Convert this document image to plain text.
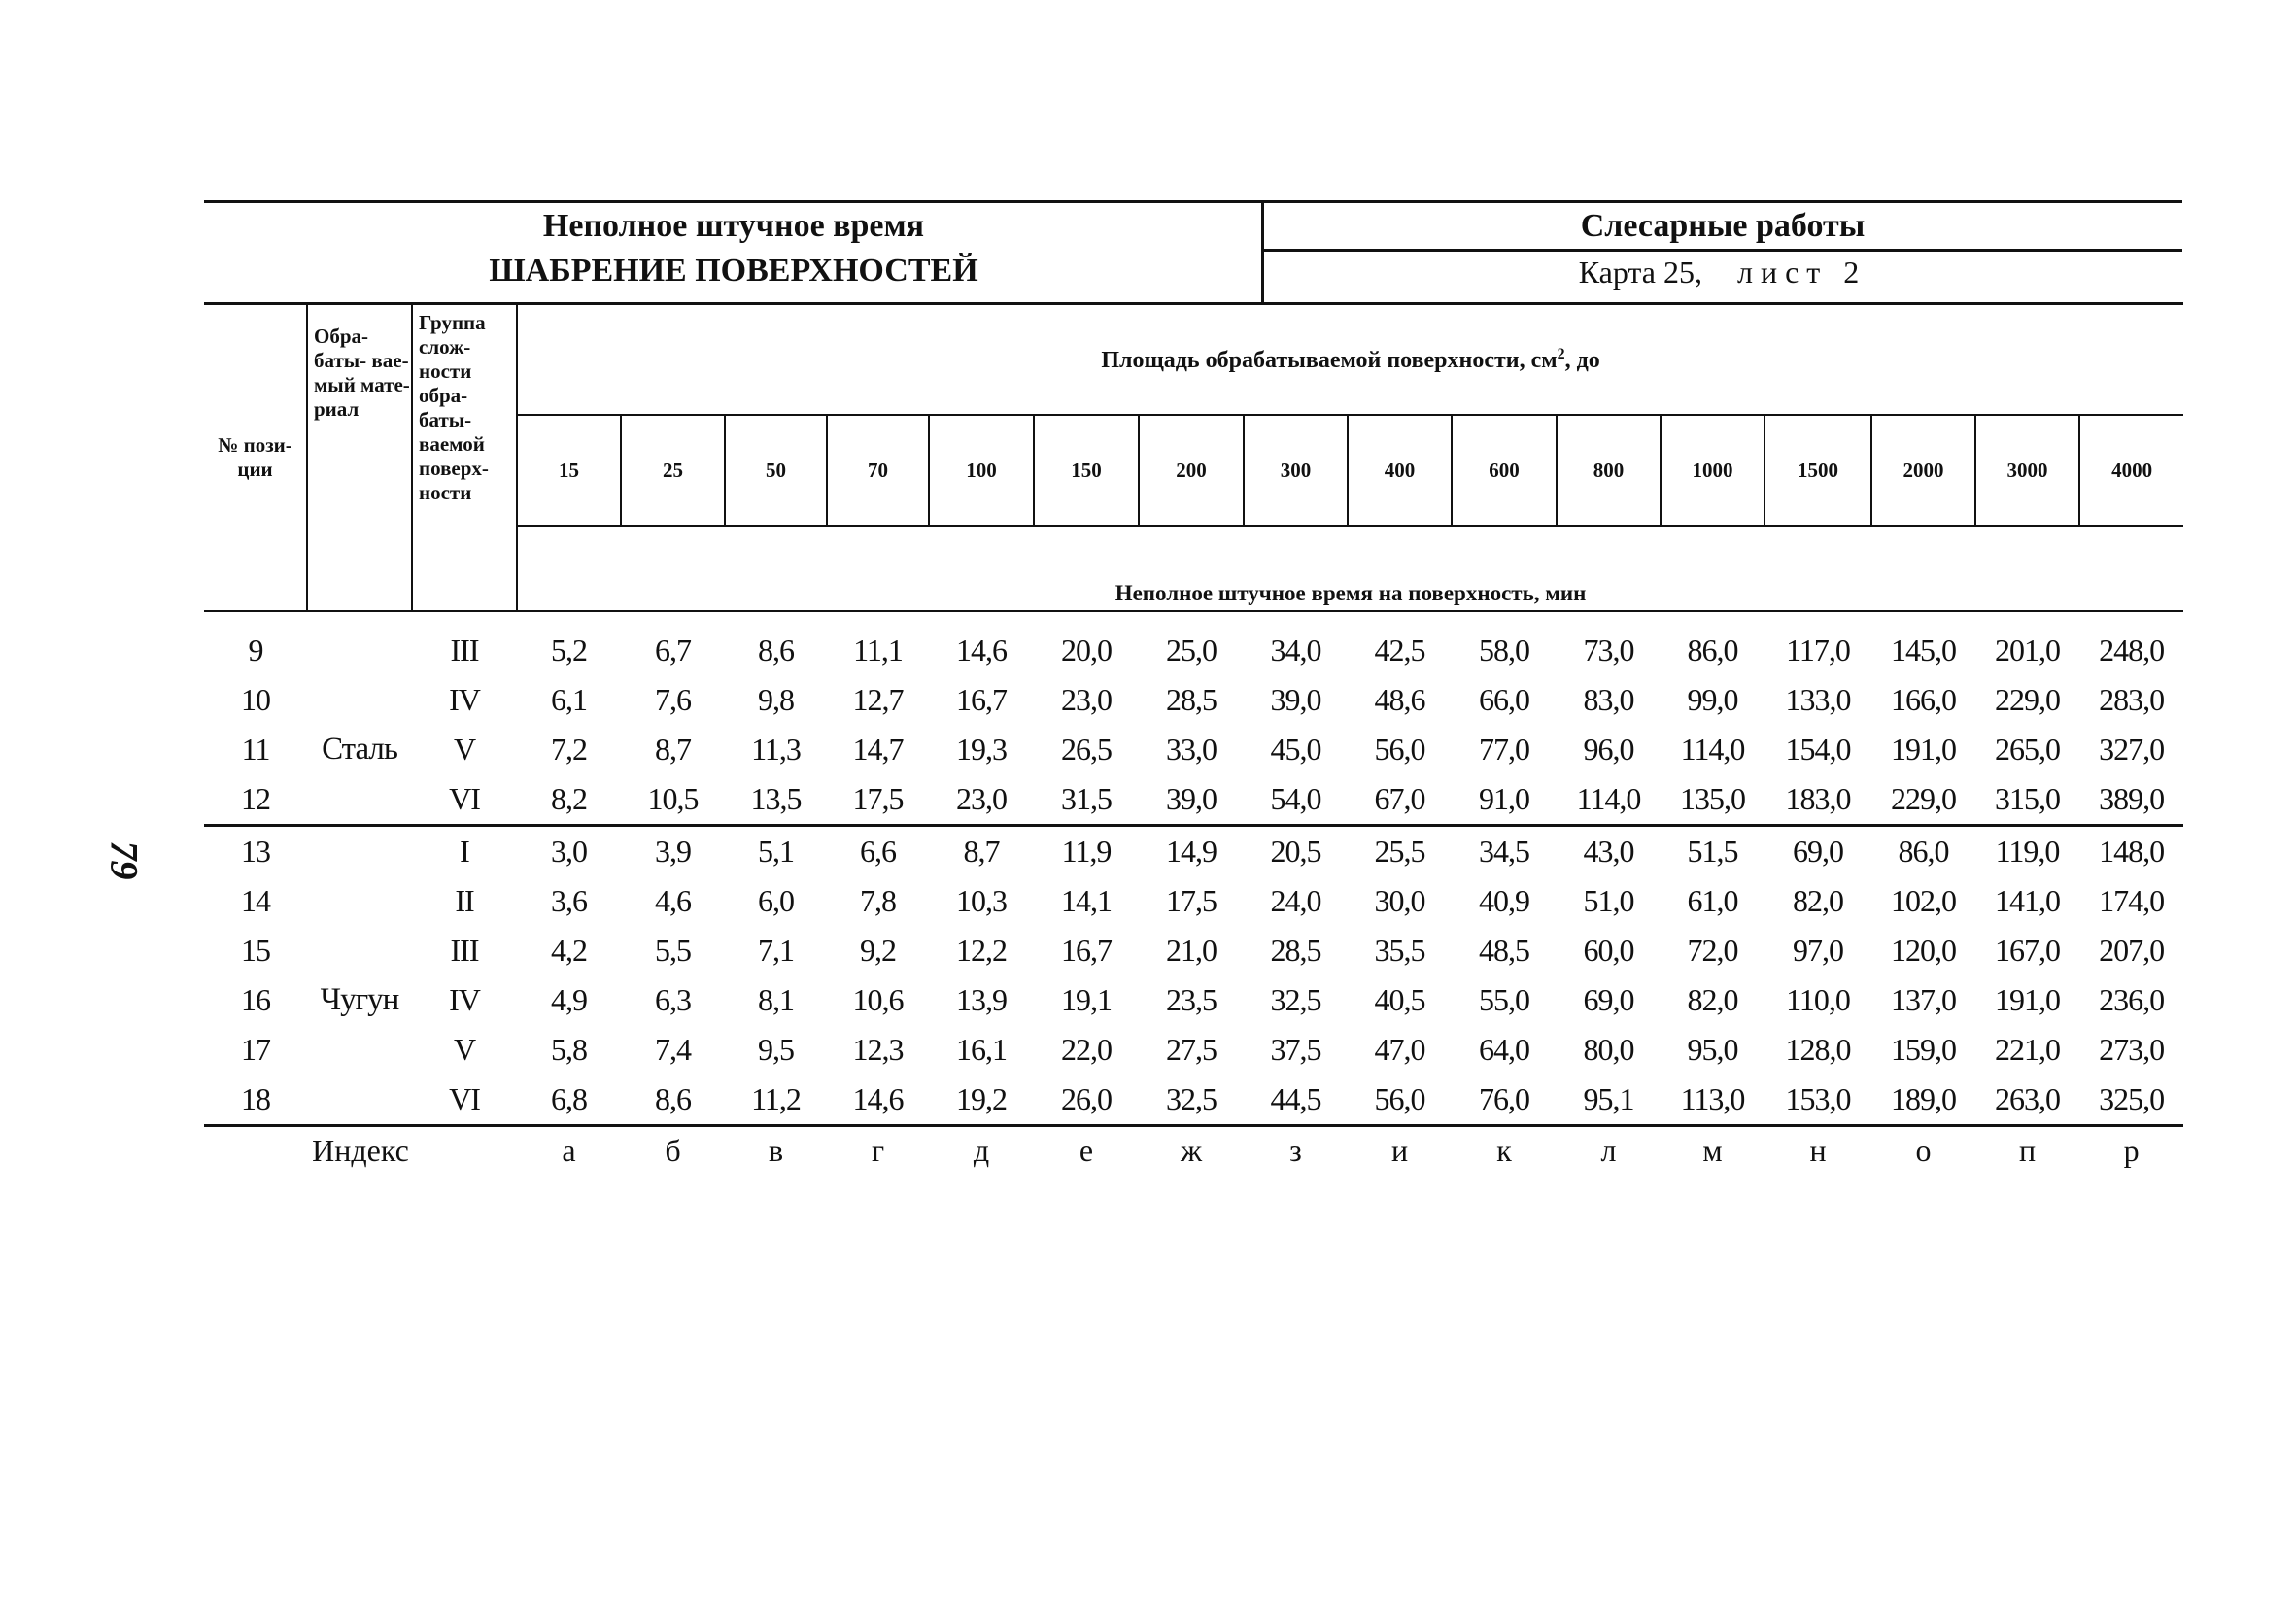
79
Неполное штучное время
ШАБРЕНИЕ ПОВЕРХНОСТЕЙ
Слесарные работы
Карта 25, лист 2
№ пози- ции	Обра- баты- вае- мый мате- риал	Группа слож- ности обра- баты- ваемой поверх- ности	Площадь обрабатываемой поверхности, $см^2$, до															
			15	25	50	70	100	150	200	300	400	600	800	1000	1500	2000	3000	4000
			Неполное штучное время на поверхность, мин															
9		III	5,2	6,7	8,6	11,1	14,6	20,0	25,0	34,0	42,5	58,0	73,0	86,0	117,0	145,0	201,0	248,0
10		IV	6,1	7,6	9,8	12,7	16,7	23,0	28,5	39,0	48,6	66,0	83,0	99,0	133,0	166,0	229,0	283,0
11	Сталь	V	7,2	8,7	11,3	14,7	19,3	26,5	33,0	45,0	56,0	77,0	96,0	114,0	154,0	191,0	265,0	327,0
12		VI	8,2	10,5	13,5	17,5	23,0	31,5	39,0	54,0	67,0	91,0	114,0	135,0	183,0	229,0	315,0	389,0
13		I	3,0	3,9	5,1	6,6	8,7	11,9	14,9	20,5	25,5	34,5	43,0	51,5	69,0	86,0	119,0	148,0
14		II	3,6	4,6	6,0	7,8	10,3	14,1	17,5	24,0	30,0	40,9	51,0	61,0	82,0	102,0	141,0	174,0
15		III	4,2	5,5	7,1	9,2	12,2	16,7	21,0	28,5	35,5	48,5	60,0	72,0	97,0	120,0	167,0	207,0
16	Чугун	IV	4,9	6,3	8,1	10,6	13,9	19,1	23,5	32,5	40,5	55,0	69,0	82,0	110,0	137,0	191,0	236,0
17		V	5,8	7,4	9,5	12,3	16,1	22,0	27,5	37,5	47,0	64,0	80,0	95,0	128,0	159,0	221,0	273,0
18		VI	6,8	8,6	11,2	14,6	19,2	26,0	32,5	44,5	56,0	76,0	95,1	113,0	153,0	189,0	263,0	325,0
Индекс			а	б	в	г	д	е	ж	з	и	к	л	м	н	о	п	р
